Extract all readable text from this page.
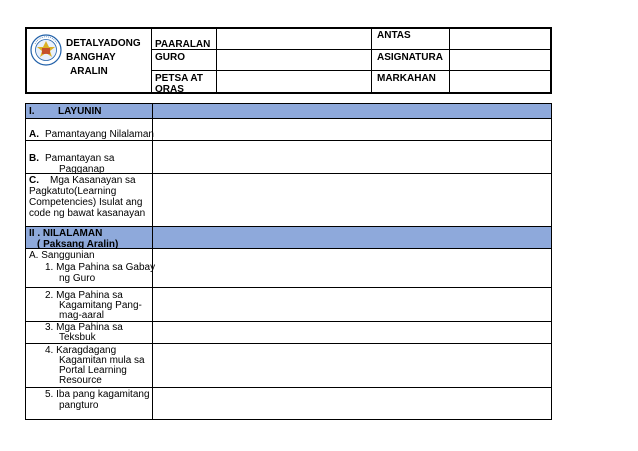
DETALYADONG
BANGHAY
ARALIN
PAARALAN
ANTAS
GURO	ASIGNATURA
PETSA AT
ORAS
MARKAHAN
I. LAYUNIN
A. Pamantayang Nilalaman
B. Pamantayan sa
Pagganap
C. Mga Kasanayan sa
Pagkatuto(Learning
Competencies) Isulat ang
code ng bawat kasanayan
II . NILALAMAN
( Paksang Aralin)
A. Sanggunian
1. Mga Pahina sa Gabay
ng Guro
2. Mga Pahina sa
Kagamitang Pang-
mag-aaral
3. Mga Pahina sa
Teksbuk
4. Karagdagang
Kagamitan mula sa
Portal Learning
Resource
5. Iba pang kagamitang
pangturo
